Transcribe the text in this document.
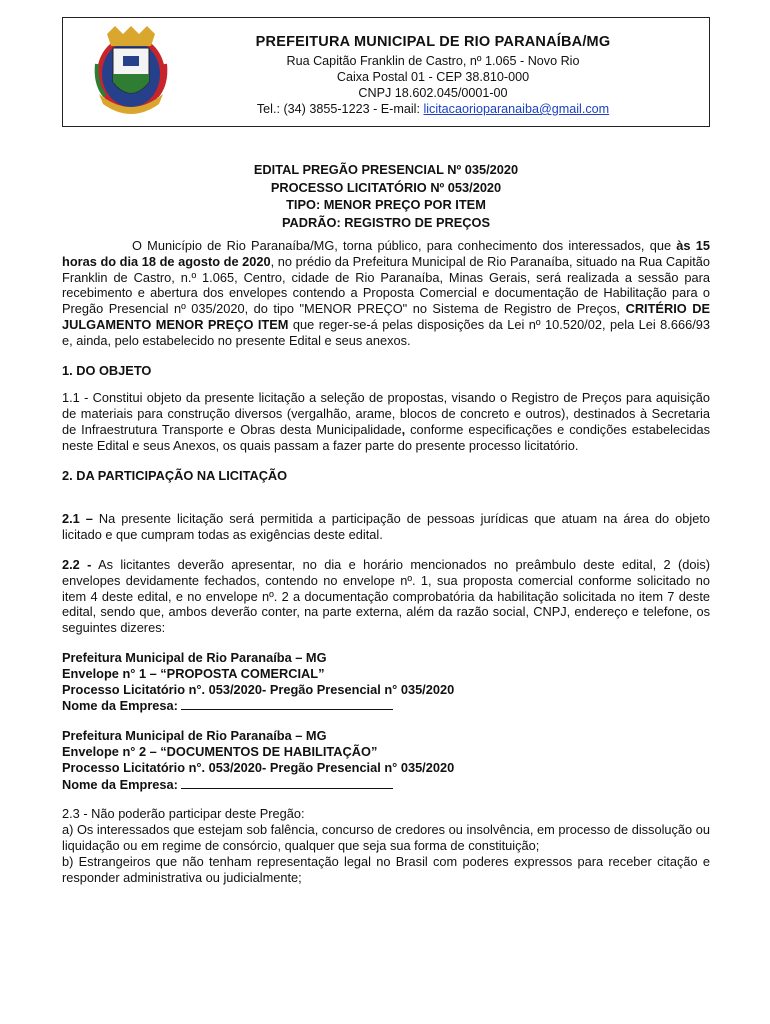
PREFEITURA MUNICIPAL DE RIO PARANAÍBA/MG
Rua Capitão Franklin de Castro, nº 1.065 - Novo Rio
Caixa Postal 01 - CEP 38.810-000
CNPJ 18.602.045/0001-00
Tel.: (34) 3855-1223 - E-mail: licitacaorioparanaiba@gmail.com
EDITAL PREGÃO PRESENCIAL Nº 035/2020
PROCESSO LICITATÓRIO Nº 053/2020
TIPO: MENOR PREÇO POR ITEM
PADRÃO: REGISTRO DE PREÇOS

O Município de Rio Paranaíba/MG, torna público, para conhecimento dos interessados, que às 15 horas do dia 18 de agosto de 2020, no prédio da Prefeitura Municipal de Rio Paranaíba, situado na Rua Capitão Franklin de Castro, n.º 1.065, Centro, cidade de Rio Paranaíba, Minas Gerais, será realizada a sessão para recebimento e abertura dos envelopes contendo a Proposta Comercial e documentação de Habilitação para o Pregão Presencial nº 035/2020, do tipo "MENOR PREÇO" no Sistema de Registro de Preços, CRITÉRIO DE JULGAMENTO MENOR PREÇO ITEM que reger-se-á pelas disposições da Lei nº 10.520/02, pela Lei 8.666/93 e, ainda, pelo estabelecido no presente Edital e seus anexos.

1. DO OBJETO

1.1 - Constitui objeto da presente licitação a seleção de propostas, visando o Registro de Preços para aquisição de materiais para construção diversos (vergalhão, arame, blocos de concreto e outros), destinados à Secretaria de Infraestrutura Transporte e Obras desta Municipalidade, conforme especificações e condições estabelecidas neste Edital e seus Anexos, os quais passam a fazer parte do presente processo licitatório.

2. DA PARTICIPAÇÃO NA LICITAÇÃO

2.1 – Na presente licitação será permitida a participação de pessoas jurídicas que atuam na área do objeto licitado e que cumpram todas as exigências deste edital.

2.2 - As licitantes deverão apresentar, no dia e horário mencionados no preâmbulo deste edital, 2 (dois) envelopes devidamente fechados, contendo no envelope nº. 1, sua proposta comercial conforme solicitado no item 4 deste edital, e no envelope nº. 2 a documentação comprobatória da habilitação solicitada no item 7 deste edital, sendo que, ambos deverão conter, na parte externa, além da razão social, CNPJ, endereço e telefone, os seguintes dizeres:

Prefeitura Municipal de Rio Paranaíba – MG

Envelope n° 1 – “PROPOSTA COMERCIAL”

Processo Licitatório n°. 053/2020- Pregão Presencial n° 035/2020

Nome da Empresa:

Prefeitura Municipal de Rio Paranaíba – MG

Envelope n° 2 – “DOCUMENTOS DE HABILITAÇÃO”

Processo Licitatório n°. 053/2020- Pregão Presencial n° 035/2020

Nome da Empresa:

2.3 - Não poderão participar deste Pregão:

a) Os interessados que estejam sob falência, concurso de credores ou insolvência, em processo de dissolução ou liquidação ou em regime de consórcio, qualquer que seja sua forma de constituição;

b) Estrangeiros que não tenham representação legal no Brasil com poderes expressos para receber citação e responder administrativa ou judicialmente;
